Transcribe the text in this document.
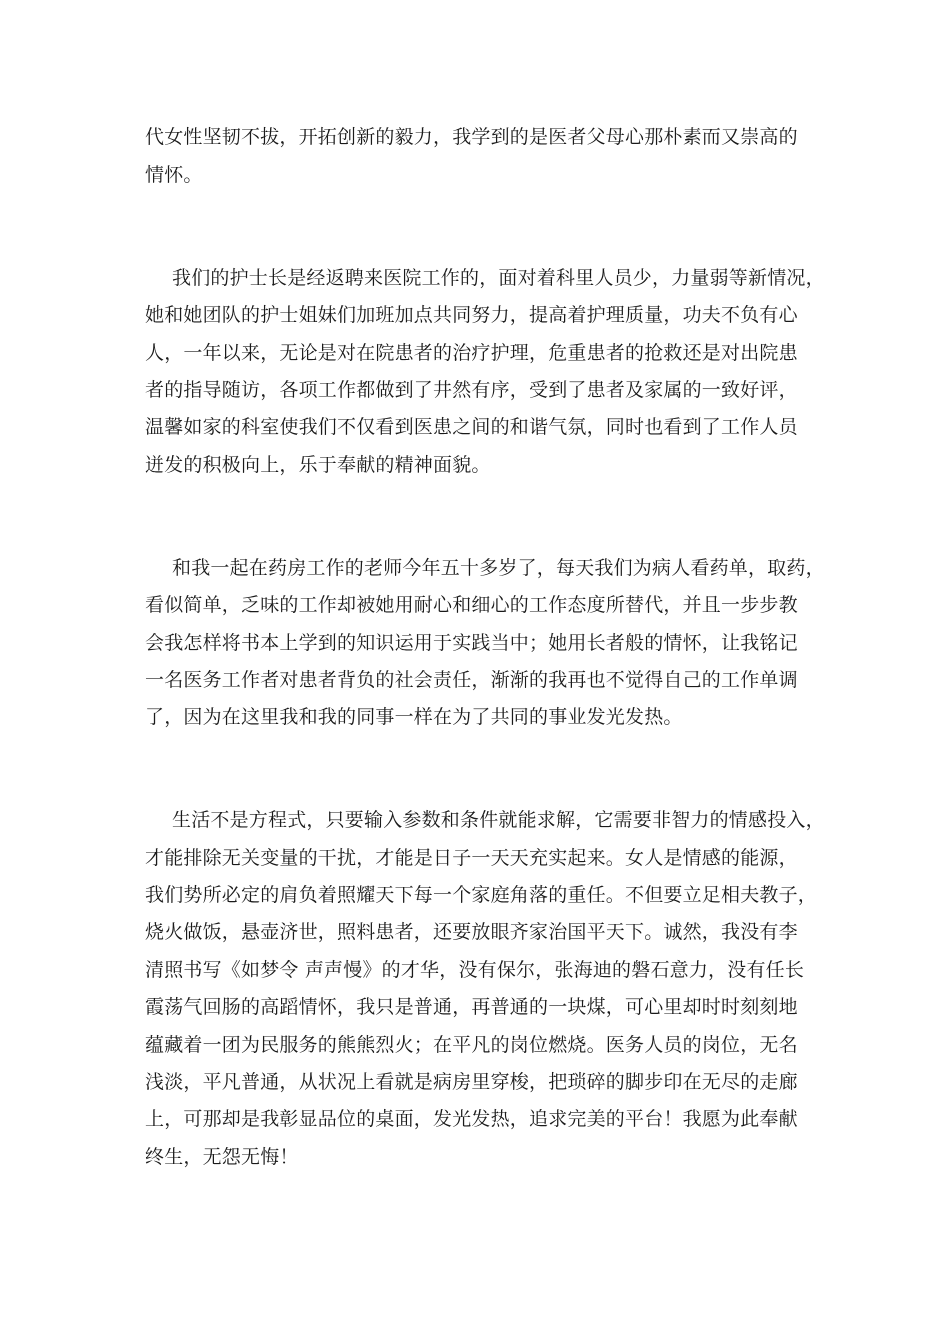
代女性坚韧不拔，开拓创新的毅力，我学到的是医者父母心那朴素而又崇高的

情怀。

我们的护士长是经返聘来医院工作的，面对着科里人员少，力量弱等新情况，

她和她团队的护士姐妹们加班加点共同努力，提高着护理质量，功夫不负有心

人，一年以来，无论是对在院患者的治疗护理，危重患者的抢救还是对出院患

者的指导随访，各项工作都做到了井然有序，受到了患者及家属的一致好评，

温馨如家的科室使我们不仅看到医患之间的和谐气氛，同时也看到了工作人员

迸发的积极向上，乐于奉献的精神面貌。

和我一起在药房工作的老师今年五十多岁了，每天我们为病人看药单，取药，

看似简单，乏味的工作却被她用耐心和细心的工作态度所替代，并且一步步教

会我怎样将书本上学到的知识运用于实践当中；她用长者般的情怀，让我铭记

一名医务工作者对患者背负的社会责任，渐渐的我再也不觉得自己的工作单调

了，因为在这里我和我的同事一样在为了共同的事业发光发热。

生活不是方程式，只要输入参数和条件就能求解，它需要非智力的情感投入，

才能排除无关变量的干扰，才能是日子一天天充实起来。女人是情感的能源，

我们势所必定的肩负着照耀天下每一个家庭角落的重任。不但要立足相夫教子，

烧火做饭，悬壶济世，照料患者，还要放眼齐家治国平天下。诚然，我没有李

清照书写《如梦令 声声慢》的才华，没有保尔，张海迪的磐石意力，没有任长

霞荡气回肠的高蹈情怀，我只是普通，再普通的一块煤，可心里却时时刻刻地

蕴藏着一团为民服务的熊熊烈火；在平凡的岗位燃烧。医务人员的岗位，无名

浅淡，平凡普通，从状况上看就是病房里穿梭，把琐碎的脚步印在无尽的走廊

上，可那却是我彰显品位的桌面，发光发热，追求完美的平台！我愿为此奉献

终生，无怨无悔！
